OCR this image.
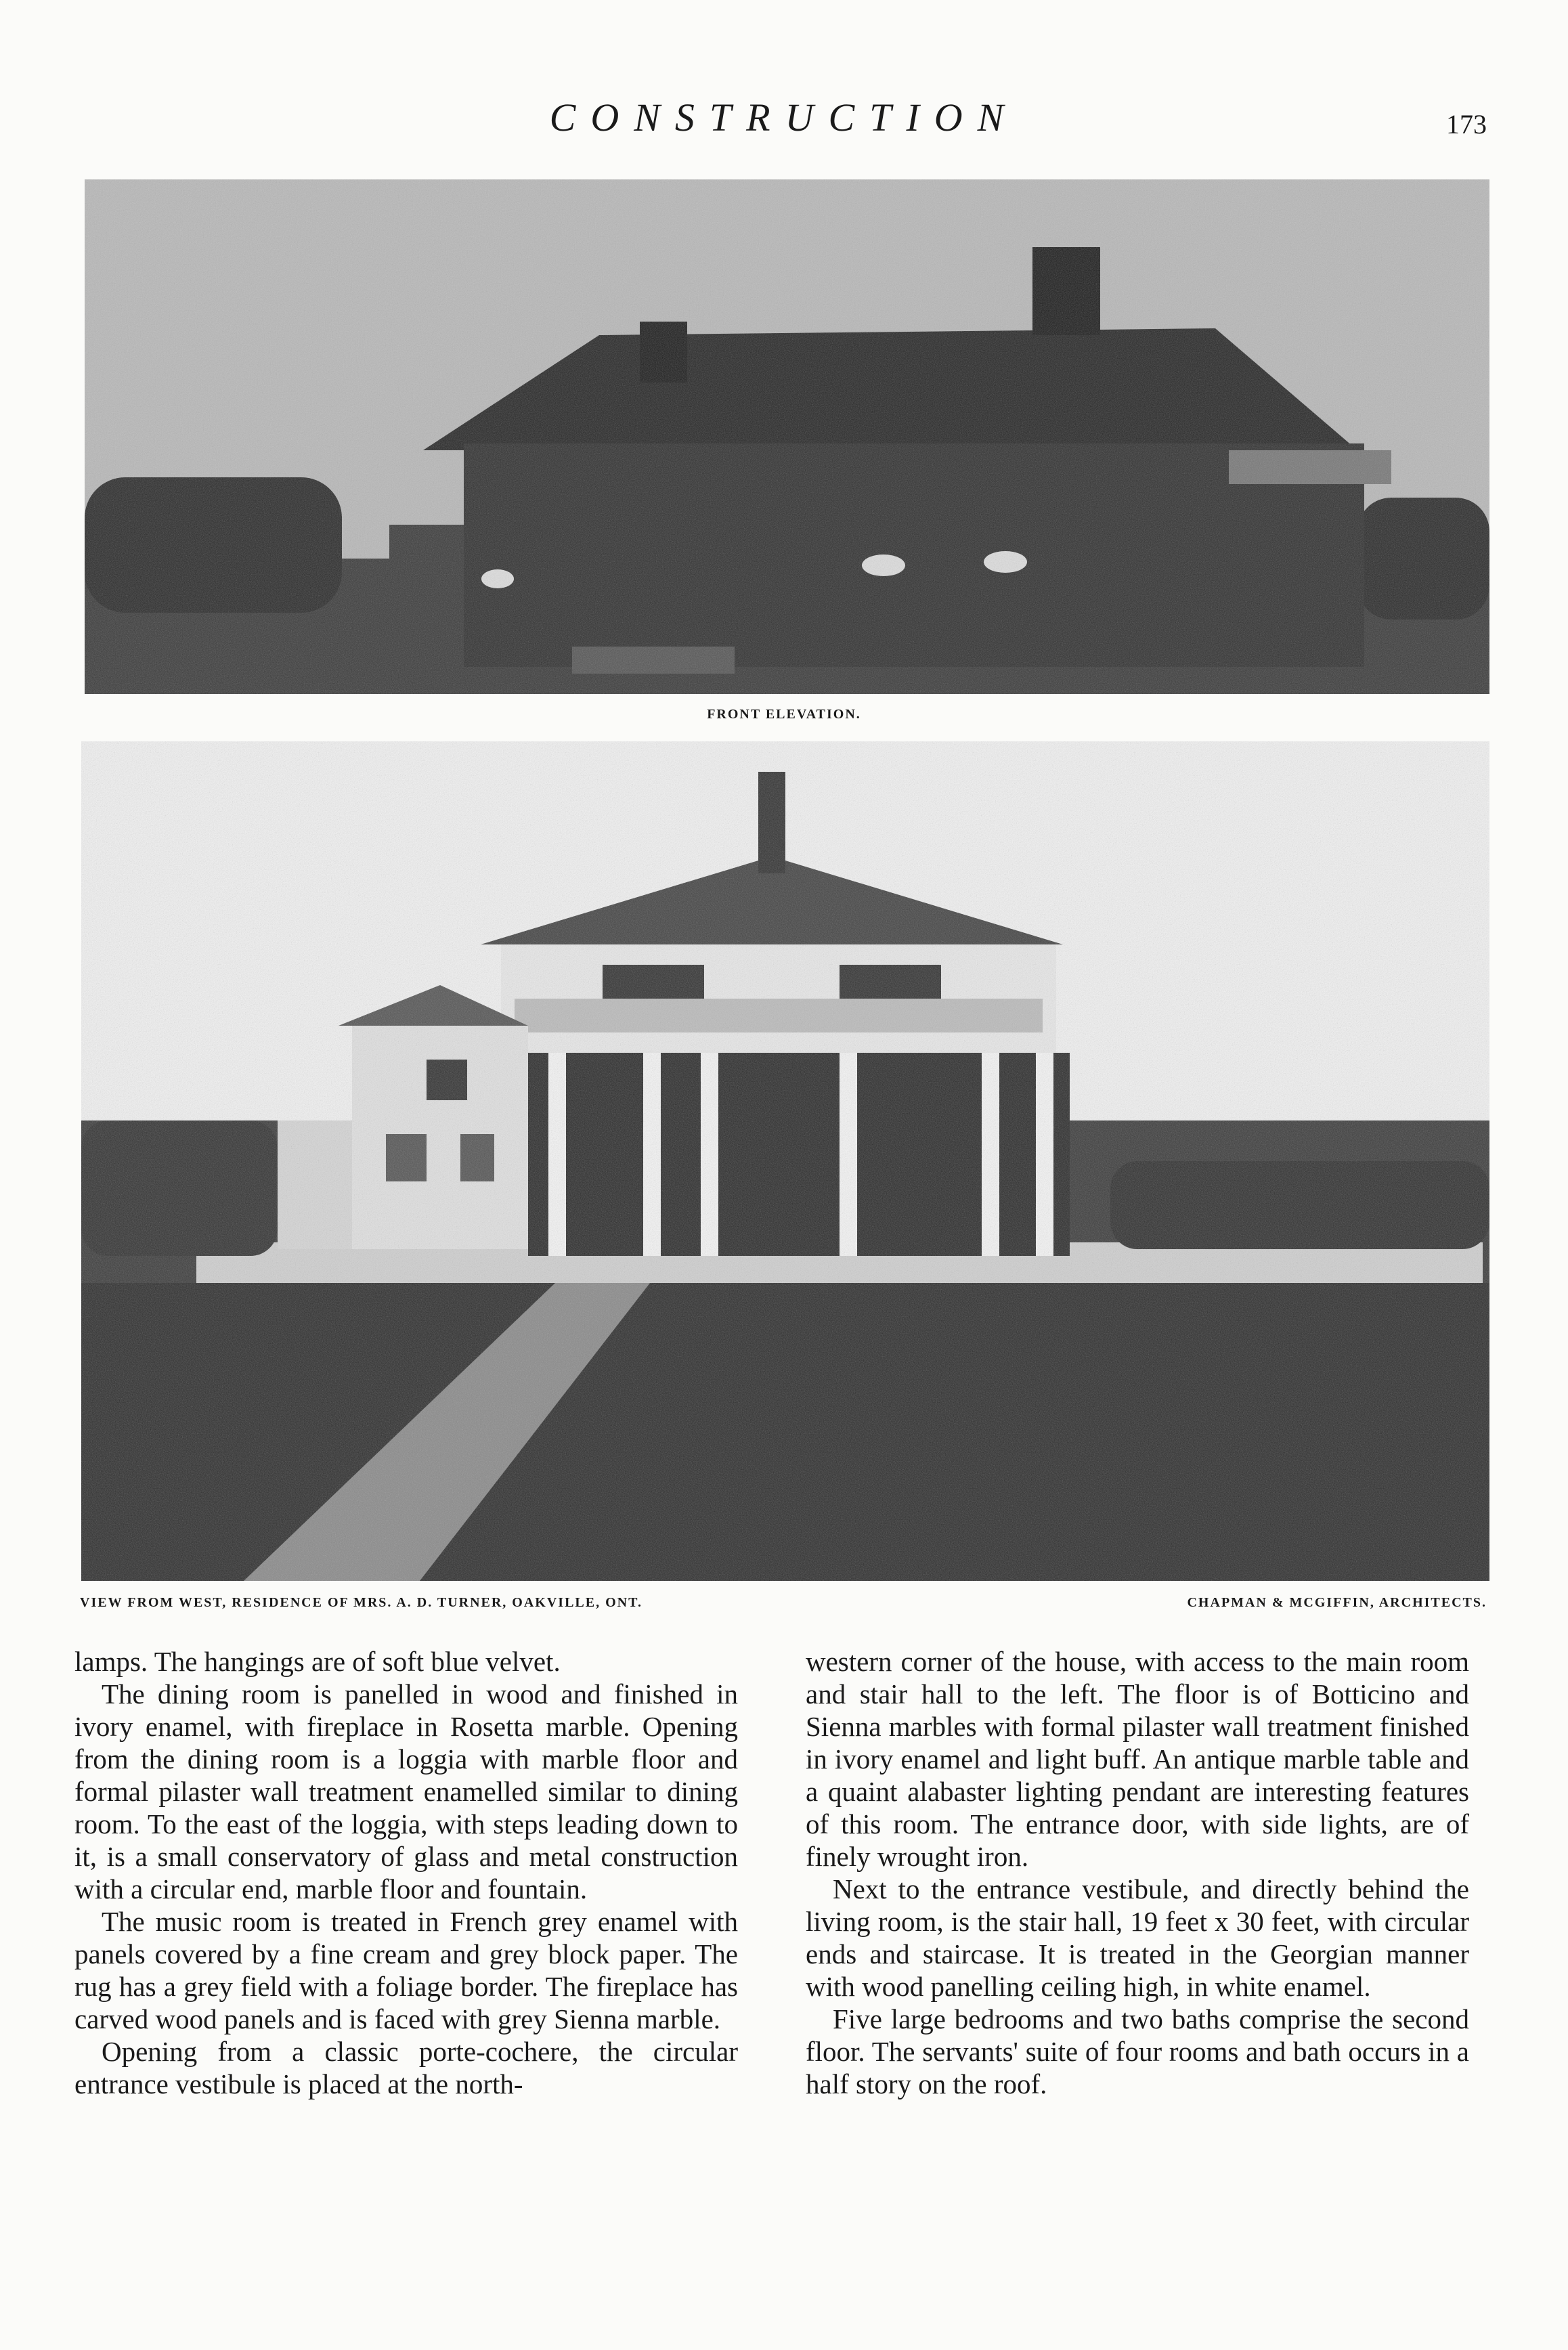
CONSTRUCTION	173
FRONT ELEVATION.
VIEW FROM WEST, RESIDENCE OF MRS. A. D. TURNER, OAKVILLE, ONT.	CHAPMAN & MCGIFFIN, ARCHITECTS.

lamps. The hangings are of soft blue velvet.

The dining room is panelled in wood and finished in ivory enamel, with fireplace in Rosetta marble. Opening from the dining room is a loggia with marble floor and formal pilaster wall treatment enamelled similar to dining room. To the east of the loggia, with steps leading down to it, is a small conservatory of glass and metal construction with a circular end, marble floor and fountain.

The music room is treated in French grey enamel with panels covered by a fine cream and grey block paper. The rug has a grey field with a foliage border. The fireplace has carved wood panels and is faced with grey Sienna marble.

Opening from a classic porte-cochere, the circular entrance vestibule is placed at the north-

western corner of the house, with access to the main room and stair hall to the left. The floor is of Botticino and Sienna marbles with formal pilaster wall treatment finished in ivory enamel and light buff. An antique marble table and a quaint alabaster lighting pendant are interesting features of this room. The entrance door, with side lights, are of finely wrought iron.

Next to the entrance vestibule, and directly behind the living room, is the stair hall, 19 feet x 30 feet, with circular ends and staircase. It is treated in the Georgian manner with wood panelling ceiling high, in white enamel.

Five large bedrooms and two baths comprise the second floor. The servants' suite of four rooms and bath occurs in a half story on the roof.
